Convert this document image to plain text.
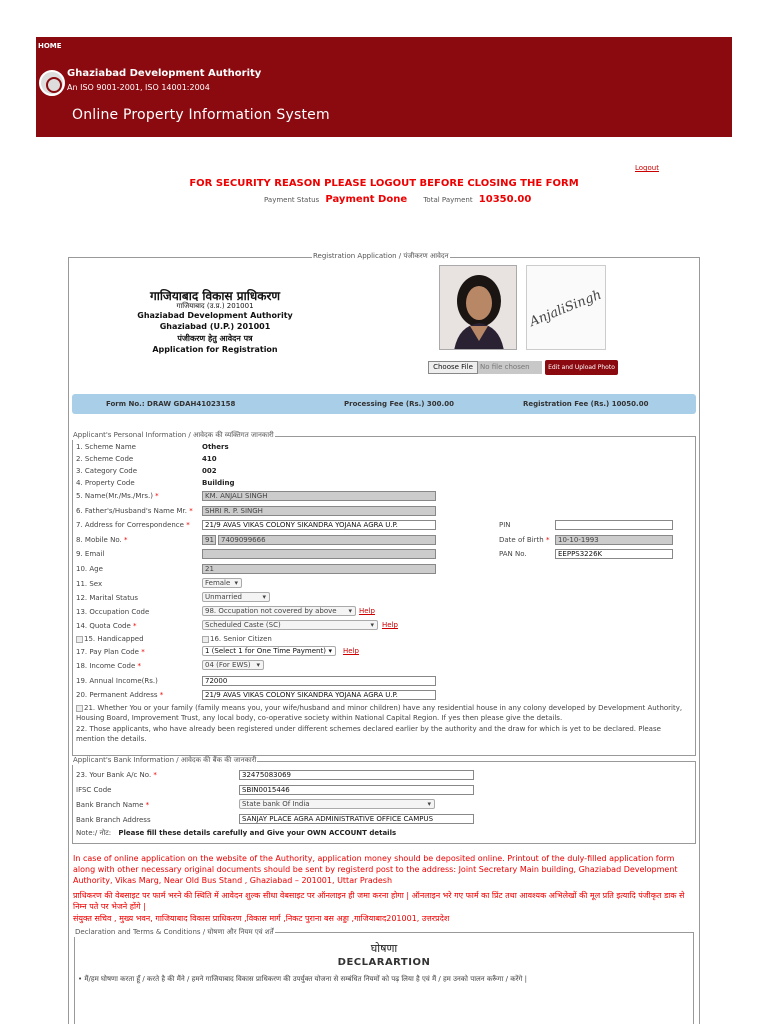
HOME
Ghaziabad Development Authority
An ISO 9001-2001, ISO 14001:2004
Online Property Information System
Logout
FOR SECURITY REASON PLEASE LOGOUT BEFORE CLOSING THE FORM
Payment Status Payment Done Total Payment 10350.00
Registration Application / पंजीकरण आवेदन
गाजियाबाद विकास प्राधिकरण
गाजियाबाद (उ.प्र.) 201001
Ghaziabad Development Authority
Ghaziabad (U.P.) 201001
पंजीकरण हेतु आवेदन पत्र
Application for Registration
AnjaliSingh
Choose File	No file chosen	Edit and Upload Photo
Form No.: DRAW GDAH41023158	Processing Fee (Rs.) 300.00	Registration Fee (Rs.) 10050.00
Applicant's Personal Information / आवेदक की व्यक्तिगत जानकारी
1. Scheme Name	Others
2. Scheme Code	410
3. Category Code	002
4. Property Code	Building
5. Name(Mr./Ms./Mrs.) *	KM. ANJALI SINGH
6. Father's/Husband's Name Mr. *	SHRI R. P. SINGH
7. Address for Correspondence *	21/9 AVAS VIKAS COLONY SIKANDRA YOJANA AGRA U.P.	PIN
8. Mobile No. *	91	7409099666	Date of Birth *	10-10-1993
9. Email	PAN No.	EEPPS3226K
10. Age	21
11. Sex	Female ▾
12. Marital Status	Unmarried ▾
13. Occupation Code	98. Occupation not covered by above ▾	Help
14. Quota Code *	Scheduled Caste (SC) ▾	Help
15. Handicapped	16. Senior Citizen
17. Pay Plan Code *	1 (Select 1 for One Time Payment) ▾	Help
18. Income Code *	04 (For EWS) ▾
19. Annual Income(Rs.)	72000
20. Permanent Address *	21/9 AVAS VIKAS COLONY SIKANDRA YOJANA AGRA U.P.
21. Whether You or your family (family means you, your wife/husband and minor children) have any residential house in any colony developed by Development Authority, Housing Board, Improvement Trust, any local body, co-operative society within National Capital Region. If yes then please give the details.
22. Those applicants, who have already been registered under different schemes declared earlier by the authority and the draw for which is yet to be declared. Please mention the details.
Applicant's Bank Information / आवेदक की बैंक की जानकारी
23. Your Bank A/c No. *	32475083069
IFSC Code	SBIN0015446
Bank Branch Name *	State bank Of India ▾
Bank Branch Address	SANJAY PLACE AGRA ADMINISTRATIVE OFFICE CAMPUS
Note:/ नोट: Please fill these details carefully and Give your OWN ACCOUNT details
In case of online application on the website of the Authority, application money should be deposited online. Printout of the duly-filled application form along with other necessary original documents should be sent by registerd post to the address: Joint Secretary Main building, Ghaziabad Development Authority, Vikas Marg, Near Old Bus Stand , Ghaziabad – 201001, Uttar Pradesh
प्राधिकरण की वेबसाइट पर फार्म भरने की स्थिति में आवेदन शुल्क सीधा वेबसाइट पर ऑनलाइन ही जमा करना होगा | ऑनलाइन भरे गए फार्म का प्रिंट तथा आवश्यक अभिलेखों की मूल प्रति इत्यादि पंजीकृत डाक से निम्न पते पर भेजने होंगे |
संयुक्त सचिव , मुख्य भवन, गाजियाबाद विकास प्राधिकरण ,विकास मार्ग ,निकट पुराना बस अड्डा ,गाजियाबाद201001, उत्तरप्रदेश
Declaration and Terms & Conditions / घोषणा और नियम एवं शर्तें
घोषणा
DECLARARTION
• मैं/हम घोषणा करता हूँ / करते है की मैंने / हमने गाजियाबाद विकास प्राधिकरण की उपर्युक्त योजना से सम्बंधित नियमों को पढ़ लिया है एवं मैं / हम उनको पालन करूँगा / करेंगे |
